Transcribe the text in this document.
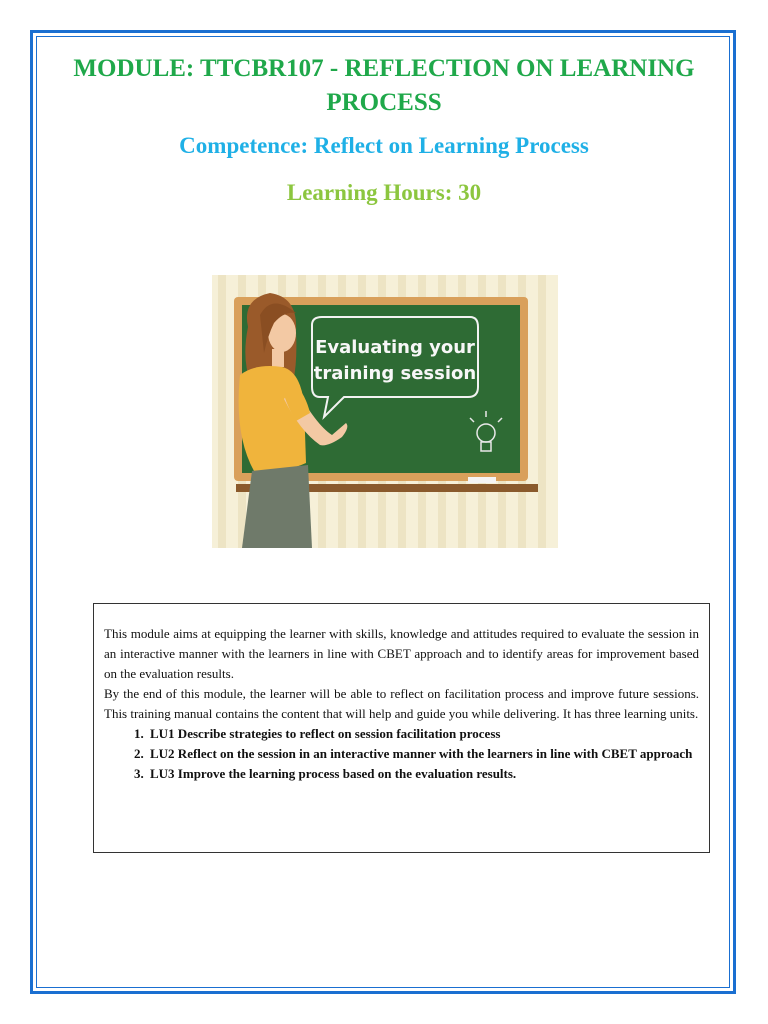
MODULE: TTCBR107 - REFLECTION ON LEARNING PROCESS
Competence: Reflect on Learning Process
Learning Hours: 30
Evaluating your
training session

This module aims at equipping the learner with skills, knowledge and attitudes required to evaluate the session in an interactive manner with the learners in line with CBET approach and to identify areas for improvement based on the evaluation results.

By the end of this module, the learner will be able to reflect on facilitation process and improve future sessions. This training manual contains the content that will help and guide you while delivering. It has three learning units.

1. LU1 Describe strategies to reflect on session facilitation process
2. LU2 Reflect on the session in an interactive manner with the learners in line with CBET approach
3. LU3 Improve the learning process based on the evaluation results.
